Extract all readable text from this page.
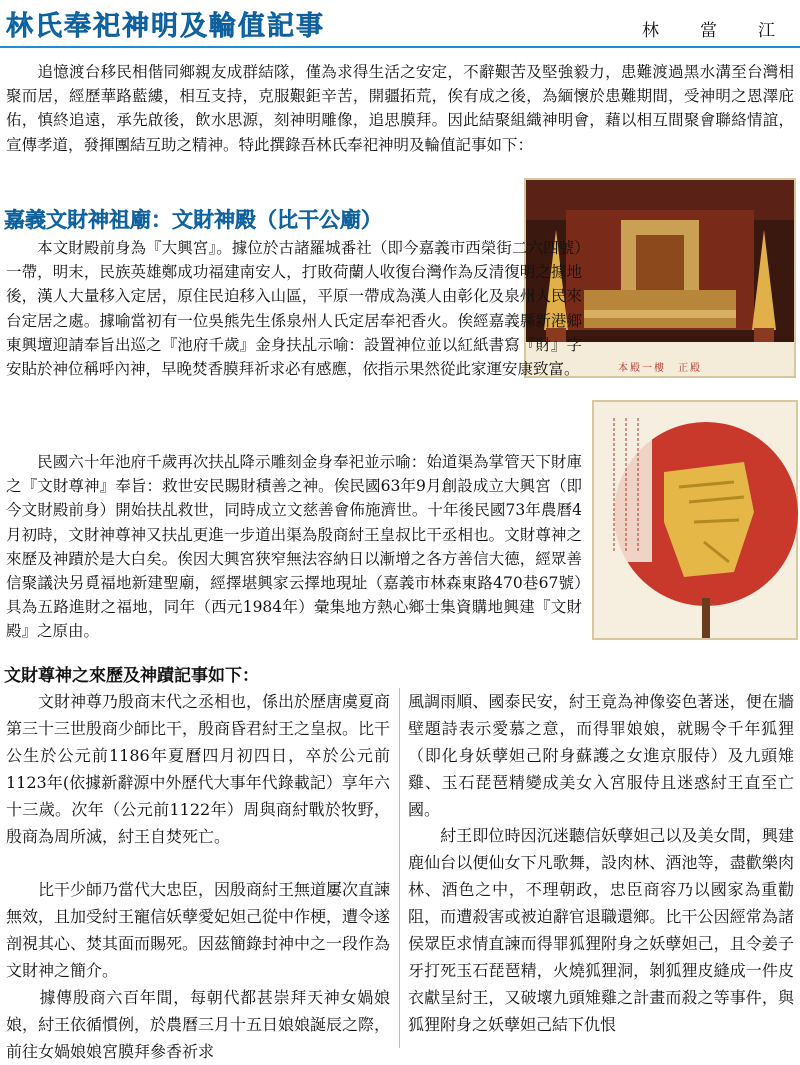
林氏奉祀神明及輪值記事	林　當　江

　　追憶渡台移民相偕同鄉親友成群結隊，僅為求得生活之安定，不辭艱苦及堅強毅力，患難渡過黑水溝至台灣相聚而居，經歷華路藍縷，相互支持，克服艱鉅辛苦，開疆拓荒，俟有成之後，為緬懷於患難期間，受神明之恩澤庇佑，慎終追遠，承先啟後，飲水思源，刻神明雕像，追思膜拜。因此結聚組織神明會，藉以相互間聚會聯絡情誼，宣傳孝道，發揮團結互助之精神。特此撰錄吾林氏奉祀神明及輪值記事如下：

嘉義文財神祖廟：文財神殿（比干公廟）
本殿一樓　正殿

　　本文財殿前身為『大興宮』。據位於古諸羅城番社（即今嘉義市西榮街二六四號）一帶，明末，民族英雄鄭成功福建南安人，打敗荷蘭人收復台灣作為反清復明之據地後，漢人大量移入定居，原住民迫移入山區，平原一帶成為漢人由彰化及泉州人民來台定居之處。據喻當初有一位吳熊先生係泉州人氏定居奉祀香火。俟經嘉義縣新港鄉東興壇迎請奉旨出巡之『池府千歲』金身扶乩示喻：設置神位並以紅紙書寫『財』字安貼於神位稱呼內神，早晚焚香膜拜祈求必有感應，依指示果然從此家運安康致富。

　　民國六十年池府千歲再次扶乩降示雕刻金身奉祀並示喻：始道渠為掌管天下財庫之『文財尊神』奉旨：救世安民賜財積善之神。俟民國63年9月創設成立大興宮（即今文財殿前身）開始扶乩救世，同時成立文慈善會佈施濟世。十年後民國73年農曆4月初時，文財神尊神又扶乩更進一步道出渠為殷商紂王皇叔比干丞相也。文財尊神之來歷及神蹟於是大白矣。俟因大興宮狹窄無法容納日以漸增之各方善信大德，經眾善信聚議決另覓福地新建聖廟，經擇堪興家云擇地現址（嘉義市林森東路470巷67號）具為五路進財之福地，同年（西元1984年）彙集地方熱心鄉士集資購地興建『文財殿』之原由。

文財尊神之來歷及神蹟記事如下：

　　文財神尊乃殷商末代之丞相也，係出於歷唐虞夏商第三十三世殷商少師比干，殷商昏君紂王之皇叔。比干公生於公元前1186年夏曆四月初四日，卒於公元前1123年(依據新辭源中外歷代大事年代錄載記）享年六十三歲。次年（公元前1122年）周與商紂戰於牧野，殷商為周所滅，紂王自焚死亡。

　　比干少師乃當代大忠臣，因殷商紂王無道屢次直諫無效，且加受紂王寵信妖孽愛妃妲己從中作梗，遭令遂剖視其心、焚其面而賜死。因茲簡錄封神中之一段作為文財神之簡介。

　　據傳殷商六百年間，每朝代都甚崇拜天神女媧娘娘，紂王依循慣例，於農曆三月十五日娘娘誕辰之際，前往女媧娘娘宮膜拜參香祈求

風調雨順、國泰民安，紂王竟為神像姿色著迷，便在牆壁題詩表示愛慕之意，而得罪娘娘，就賜令千年狐狸（即化身妖孽妲己附身蘇護之女進京服侍）及九頭雉雞、玉石琵琶精變成美女入宮服侍且迷惑紂王直至亡國。

　　紂王即位時因沉迷聽信妖孽妲己以及美女間，興建鹿仙台以便仙女下凡歌舞，設肉林、酒池等，盡歡樂肉林、酒色之中，不理朝政，忠臣商容乃以國家為重勸阻，而遭殺害或被迫辭官退職還鄉。比干公因經常為諸侯眾臣求情直諫而得罪狐狸附身之妖孽妲己，且令姜子牙打死玉石琵琶精，火燒狐狸洞，剝狐狸皮縫成一件皮衣獻呈紂王，又破壞九頭雉雞之計畫而殺之等事件，與狐狸附身之妖孽妲己結下仇恨
